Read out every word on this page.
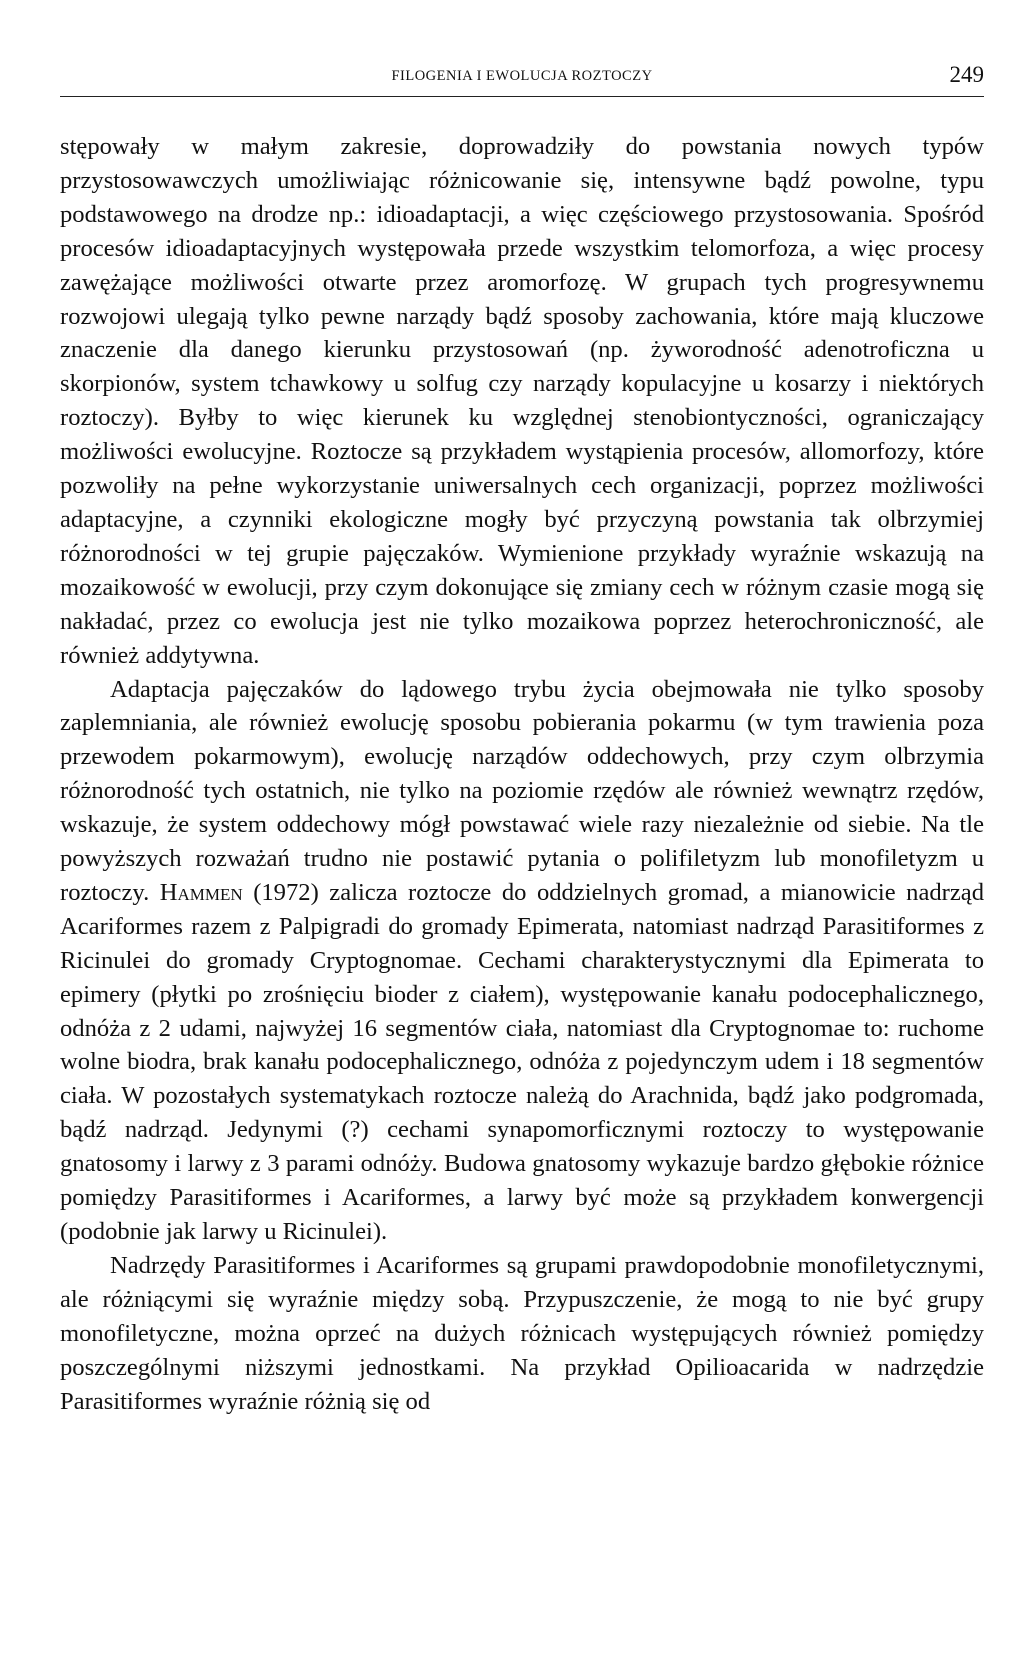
FILOGENIA I EWOLUCJA ROZTOCZY	249

stępowały w małym zakresie, doprowadziły do powstania nowych typów przystosowawczych umożliwiając różnicowanie się, intensywne bądź powolne, typu podstawowego na drodze np.: idioadaptacji, a więc częściowego przystosowania. Spośród procesów idioadaptacyjnych występowała przede wszystkim telomorfoza, a więc procesy zawężające możliwości otwarte przez aromorfozę. W grupach tych progresywnemu rozwojowi ulegają tylko pewne narządy bądź sposoby zachowania, które mają kluczowe znaczenie dla danego kierunku przystosowań (np. żyworodność adenotroficzna u skorpionów, system tchawkowy u solfug czy narządy kopulacyjne u kosarzy i niektórych roztoczy). Byłby to więc kierunek ku względnej stenobiontyczności, ograniczający możliwości ewolucyjne. Roztocze są przykładem wystąpienia procesów, allomorfozy, które pozwoliły na pełne wykorzystanie uniwersalnych cech organizacji, poprzez możliwości adaptacyjne, a czynniki ekologiczne mogły być przyczyną powstania tak olbrzymiej różnorodności w tej grupie pajęczaków. Wymienione przykłady wyraźnie wskazują na mozaikowość w ewolucji, przy czym dokonujące się zmiany cech w różnym czasie mogą się nakładać, przez co ewolucja jest nie tylko mozaikowa poprzez heterochroniczność, ale również addytywna.

Adaptacja pajęczaków do lądowego trybu życia obejmowała nie tylko sposoby zaplemniania, ale również ewolucję sposobu pobierania pokarmu (w tym trawienia poza przewodem pokarmowym), ewolucję narządów oddechowych, przy czym olbrzymia różnorodność tych ostatnich, nie tylko na poziomie rzędów ale również wewnątrz rzędów, wskazuje, że system oddechowy mógł powstawać wiele razy niezależnie od siebie. Na tle powyższych rozważań trudno nie postawić pytania o polifiletyzm lub monofiletyzm u roztoczy. Hammen (1972) zalicza roztocze do oddzielnych gromad, a mianowicie nadrząd Acariformes razem z Palpigradi do gromady Epimerata, natomiast nadrząd Parasitiformes z Ricinulei do gromady Cryptognomae. Cechami charakterystycznymi dla Epimerata to epimery (płytki po zrośnięciu bioder z ciałem), występowanie kanału podocephalicznego, odnóża z 2 udami, najwyżej 16 segmentów ciała, natomiast dla Cryptognomae to: ruchome wolne biodra, brak kanału podocephalicznego, odnóża z pojedynczym udem i 18 segmentów ciała. W pozostałych systematykach roztocze należą do Arachnida, bądź jako podgromada, bądź nadrząd. Jedynymi (?) cechami synapomorficznymi roztoczy to występowanie gnatosomy i larwy z 3 parami odnóży. Budowa gnatosomy wykazuje bardzo głębokie różnice pomiędzy Parasitiformes i Acariformes, a larwy być może są przykładem konwergencji (podobnie jak larwy u Ricinulei).

Nadrzędy Parasitiformes i Acariformes są grupami prawdopodobnie monofiletycznymi, ale różniącymi się wyraźnie między sobą. Przypuszczenie, że mogą to nie być grupy monofiletyczne, można oprzeć na dużych różnicach występujących również pomiędzy poszczególnymi niższymi jednostkami. Na przykład Opilioacarida w nadrzędzie Parasitiformes wyraźnie różnią się od
